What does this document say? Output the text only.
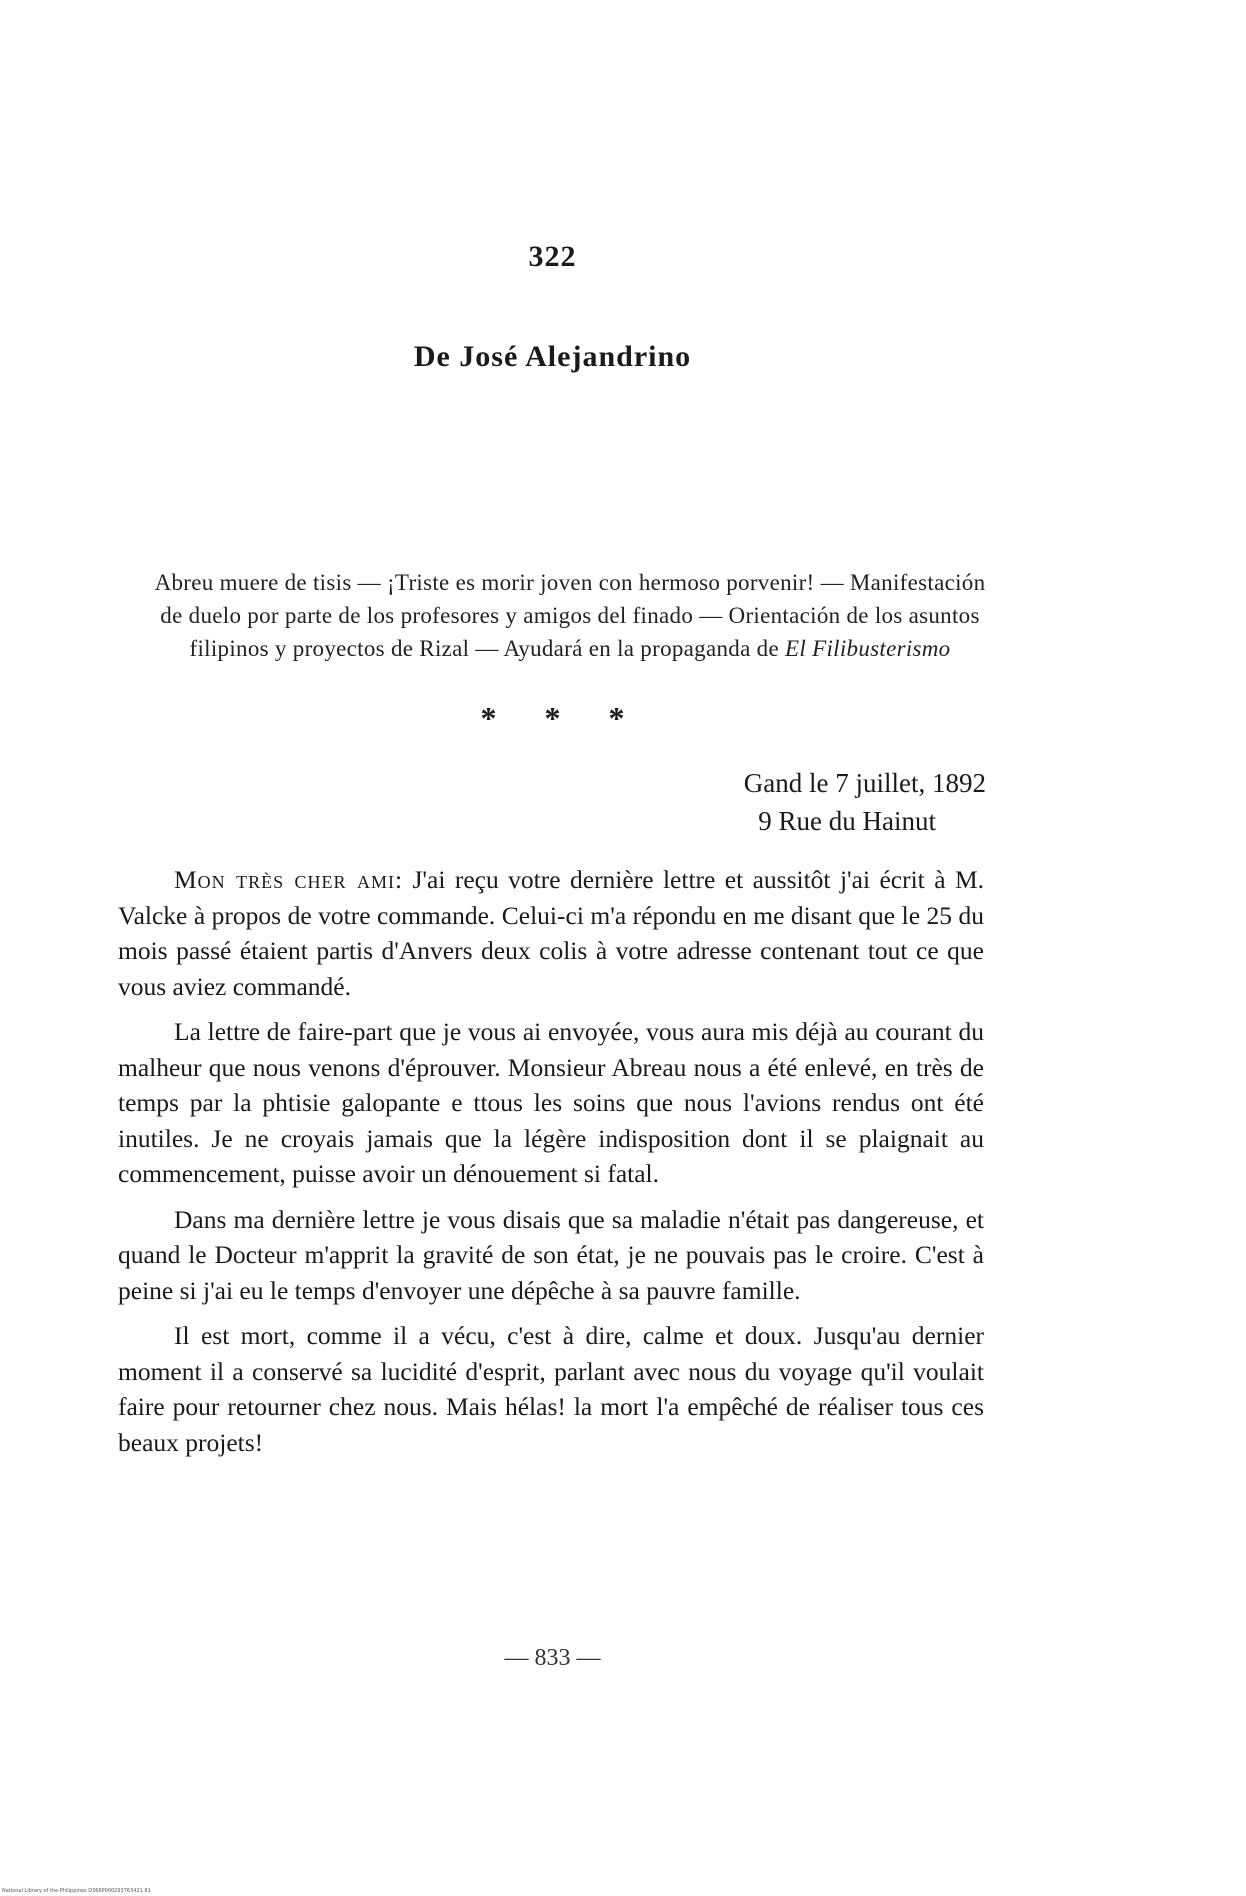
322
De José Alejandrino
Abreu muere de tisis — ¡Triste es morir joven con hermoso porvenir! — Manifestación de duelo por parte de los profesores y amigos del finado — Orientación de los asuntos filipinos y proyectos de Rizal — Ayudará en la propaganda de El Filibusterismo
* * *
Gand le 7 juillet, 1892
9 Rue du Hainut

Mon très cher ami: J'ai reçu votre dernière lettre et aussitôt j'ai écrit à M. Valcke à propos de votre commande. Celui-ci m'a répondu en me disant que le 25 du mois passé étaient partis d'Anvers deux colis à votre adresse contenant tout ce que vous aviez commandé.

La lettre de faire-part que je vous ai envoyée, vous aura mis déjà au courant du malheur que nous venons d'éprouver. Monsieur Abreau nous a été enlevé, en très de temps par la phtisie galopante e ttous les soins que nous l'avions rendus ont été inutiles. Je ne croyais jamais que la légère indisposition dont il se plaignait au commencement, puisse avoir un dénouement si fatal.

Dans ma dernière lettre je vous disais que sa maladie n'était pas dangereuse, et quand le Docteur m'apprit la gravité de son état, je ne pouvais pas le croire. C'est à peine si j'ai eu le temps d'envoyer une dépêche à sa pauvre famille.

Il est mort, comme il a vécu, c'est à dire, calme et doux. Jusqu'au dernier moment il a conservé sa lucidité d'esprit, parlant avec nous du voyage qu'il voulait faire pour retourner chez nous. Mais hélas! la mort l'a empêché de réaliser tous ces beaux projets!

— 833 —
National Library of the Philippines D366P000293763421 81
